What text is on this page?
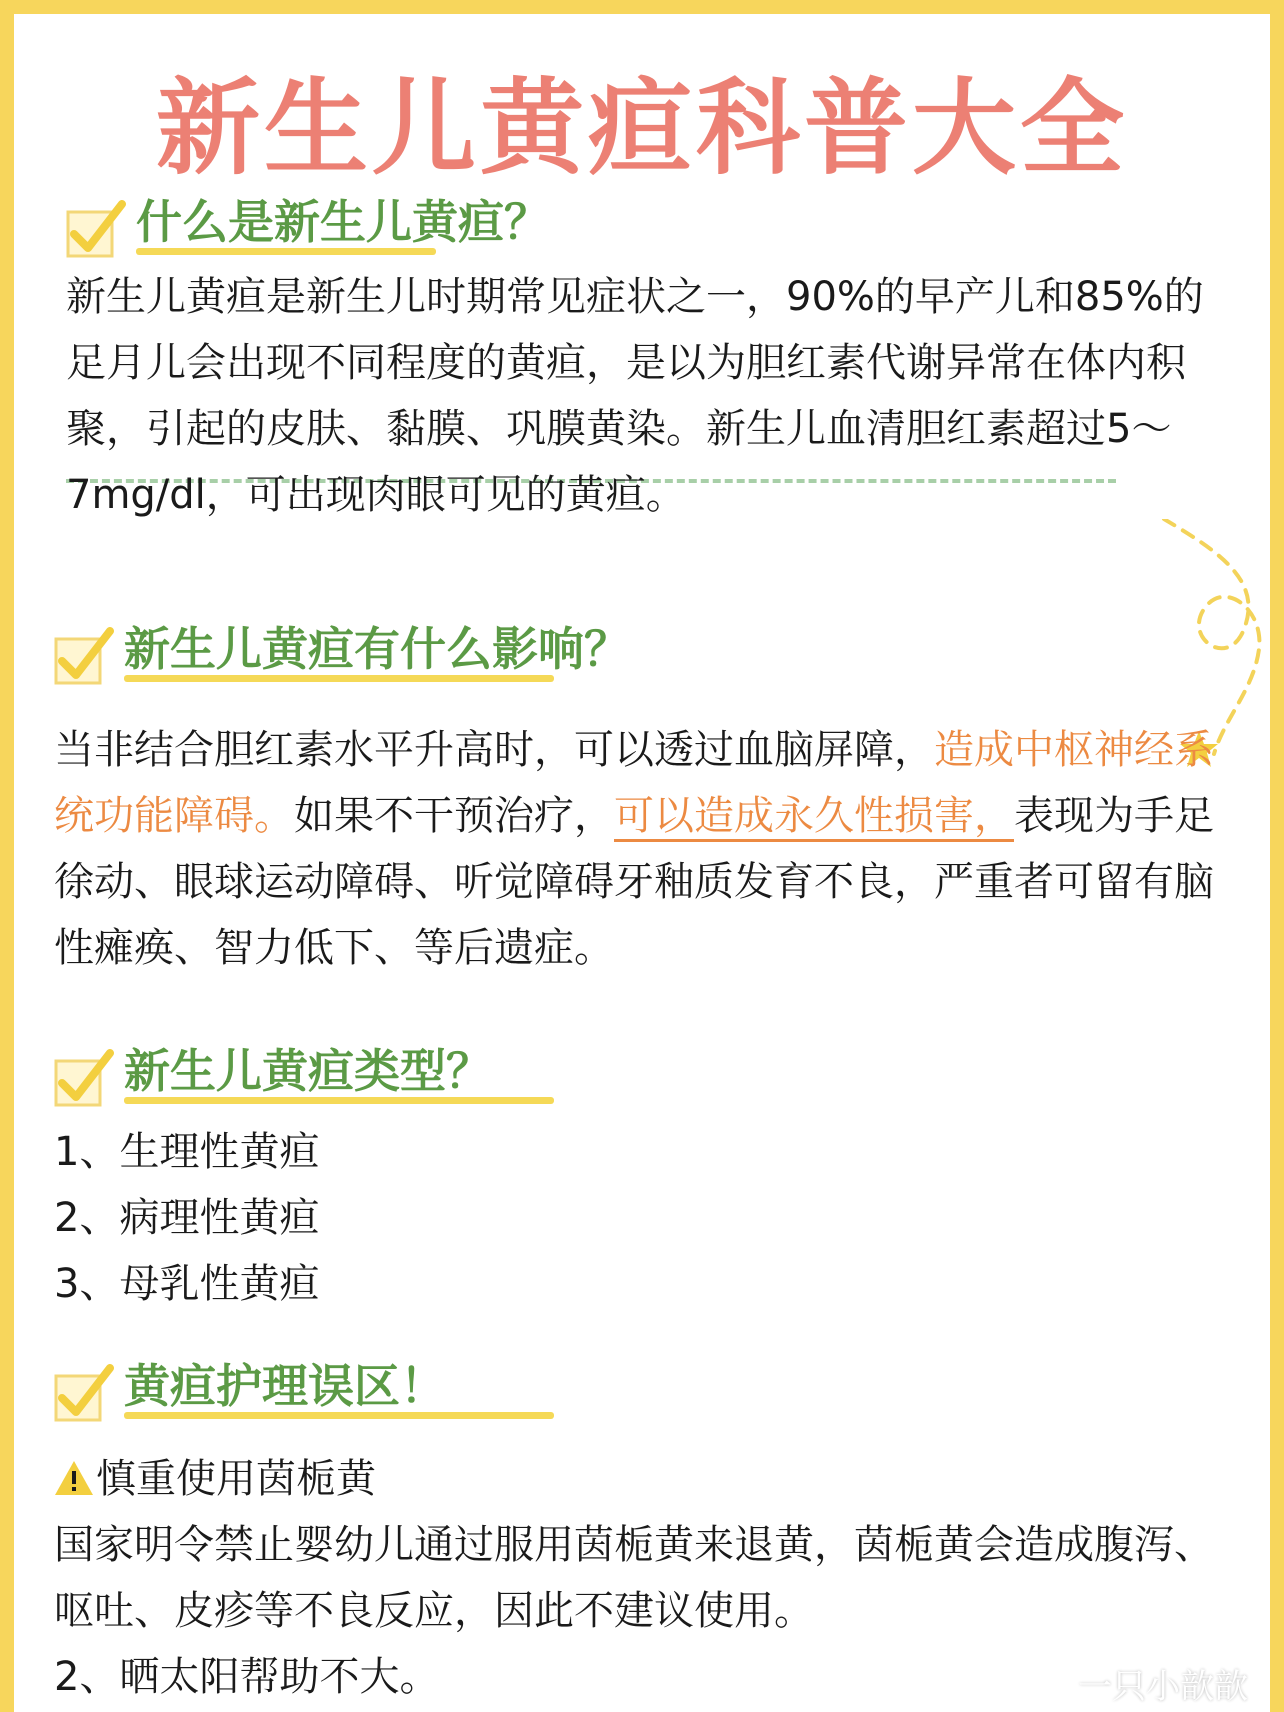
新生儿黄疸科普大全
什么是新生儿黄疸？

新生儿黄疸是新生儿时期常见症状之一，90%的早产儿和85%的足月儿会出现不同程度的黄疸，是以为胆红素代谢异常在体内积聚，引起的皮肤、黏膜、巩膜黄染。新生儿血清胆红素超过5～7mg/dl，可出现肉眼可见的黄疸。

新生儿黄疸有什么影响？

当非结合胆红素水平升高时，可以透过血脑屏障，造成中枢神经系统功能障碍。如果不干预治疗，可以造成永久性损害，表现为手足徐动、眼球运动障碍、听觉障碍牙釉质发育不良，严重者可留有脑性瘫痪、智力低下、等后遗症。

新生儿黄疸类型？
1、生理性黄疸
2、病理性黄疸
3、母乳性黄疸
黄疸护理误区！
慎重使用茵栀黄

国家明令禁止婴幼儿通过服用茵栀黄来退黄，茵栀黄会造成腹泻、呕吐、皮疹等不良反应，因此不建议使用。

2、晒太阳帮助不大。	一只小歆歆
